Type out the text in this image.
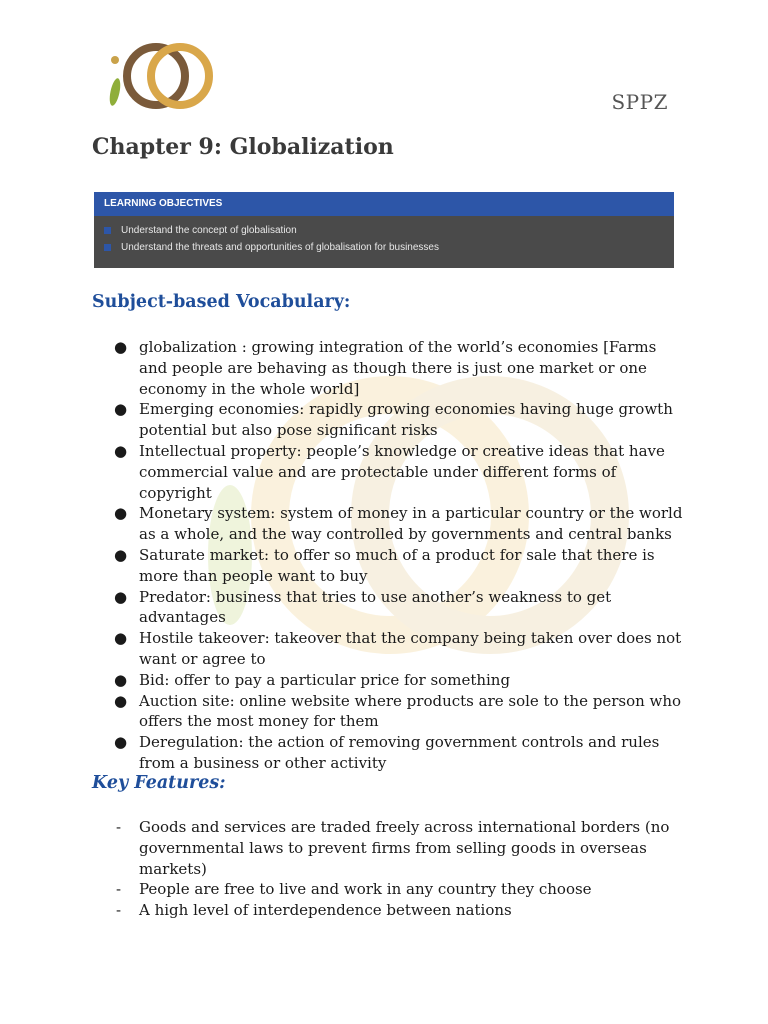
SPPZ
Chapter 9: Globalization
LEARNING OBJECTIVES
Understand the concept of globalisation
Understand the threats and opportunities of globalisation for businesses
Subject-based Vocabulary:
● globalization : growing integration of the world’s economies [Farms and people are behaving as though there is just one market or one economy in the whole world]
● Emerging economies: rapidly growing economies having huge growth potential but also pose significant risks
● Intellectual property: people’s knowledge or creative ideas that have commercial value and are protectable under different forms of copyright
● Monetary system: system of money in a particular country or the world as a whole, and the way controlled by governments and central banks
● Saturate market: to offer so much of a product for sale that there is more than people want to buy
● Predator: business that tries to use another’s weakness to get advantages
● Hostile takeover: takeover that the company being taken over does not want or agree to
● Bid: offer to pay a particular price for something
● Auction site: online website where products are sole to the person who offers the most money for them
● Deregulation: the action of removing government controls and rules from a business or other activity
Key Features:
- Goods and services are traded freely across international borders (no governmental laws to prevent firms from selling goods in overseas markets)
- People are free to live and work in any country they choose
- A high level of interdependence between nations
